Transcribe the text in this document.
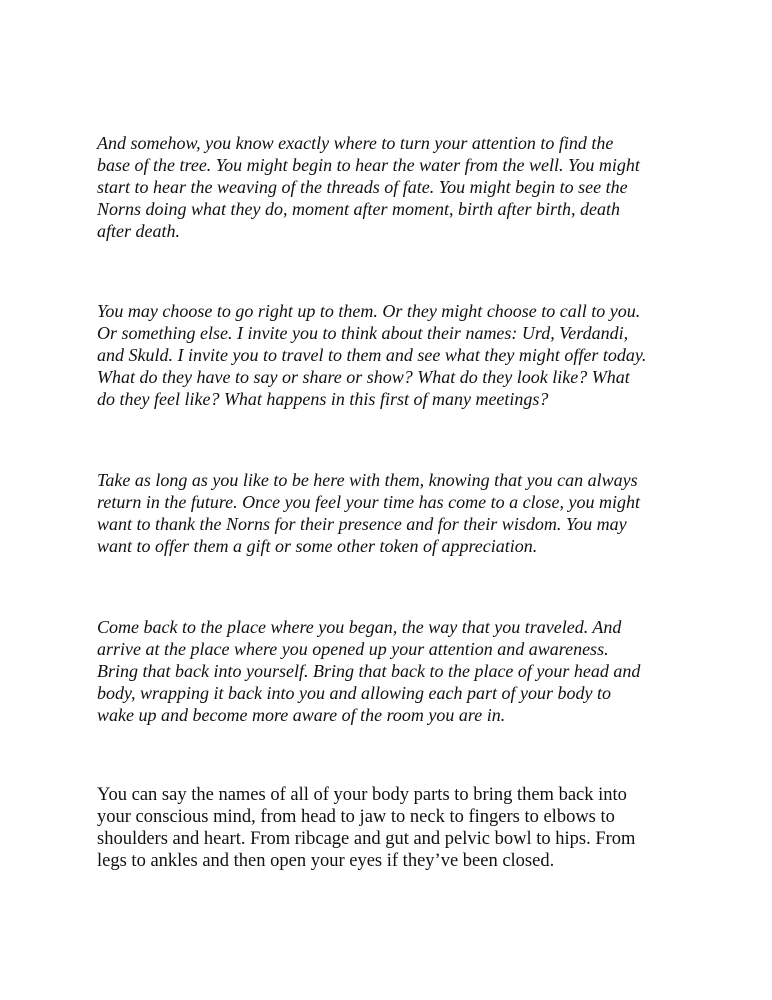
And somehow, you know exactly where to turn your attention to find the
base of the tree. You might begin to hear the water from the well. You might
start to hear the weaving of the threads of fate. You might begin to see the
Norns doing what they do, moment after moment, birth after birth, death
after death.

You may choose to go right up to them. Or they might choose to call to you.
Or something else. I invite you to think about their names: Urd, Verdandi,
and Skuld. I invite you to travel to them and see what they might offer today.
What do they have to say or share or show? What do they look like? What
do they feel like? What happens in this first of many meetings?

Take as long as you like to be here with them, knowing that you can always
return in the future. Once you feel your time has come to a close, you might
want to thank the Norns for their presence and for their wisdom. You may
want to offer them a gift or some other token of appreciation.

Come back to the place where you began, the way that you traveled. And
arrive at the place where you opened up your attention and awareness.
Bring that back into yourself. Bring that back to the place of your head and
body, wrapping it back into you and allowing each part of your body to
wake up and become more aware of the room you are in.

You can say the names of all of your body parts to bring them back into
your conscious mind, from head to jaw to neck to fingers to elbows to
shoulders and heart. From ribcage and gut and pelvic bowl to hips. From
legs to ankles and then open your eyes if they’ve been closed.
